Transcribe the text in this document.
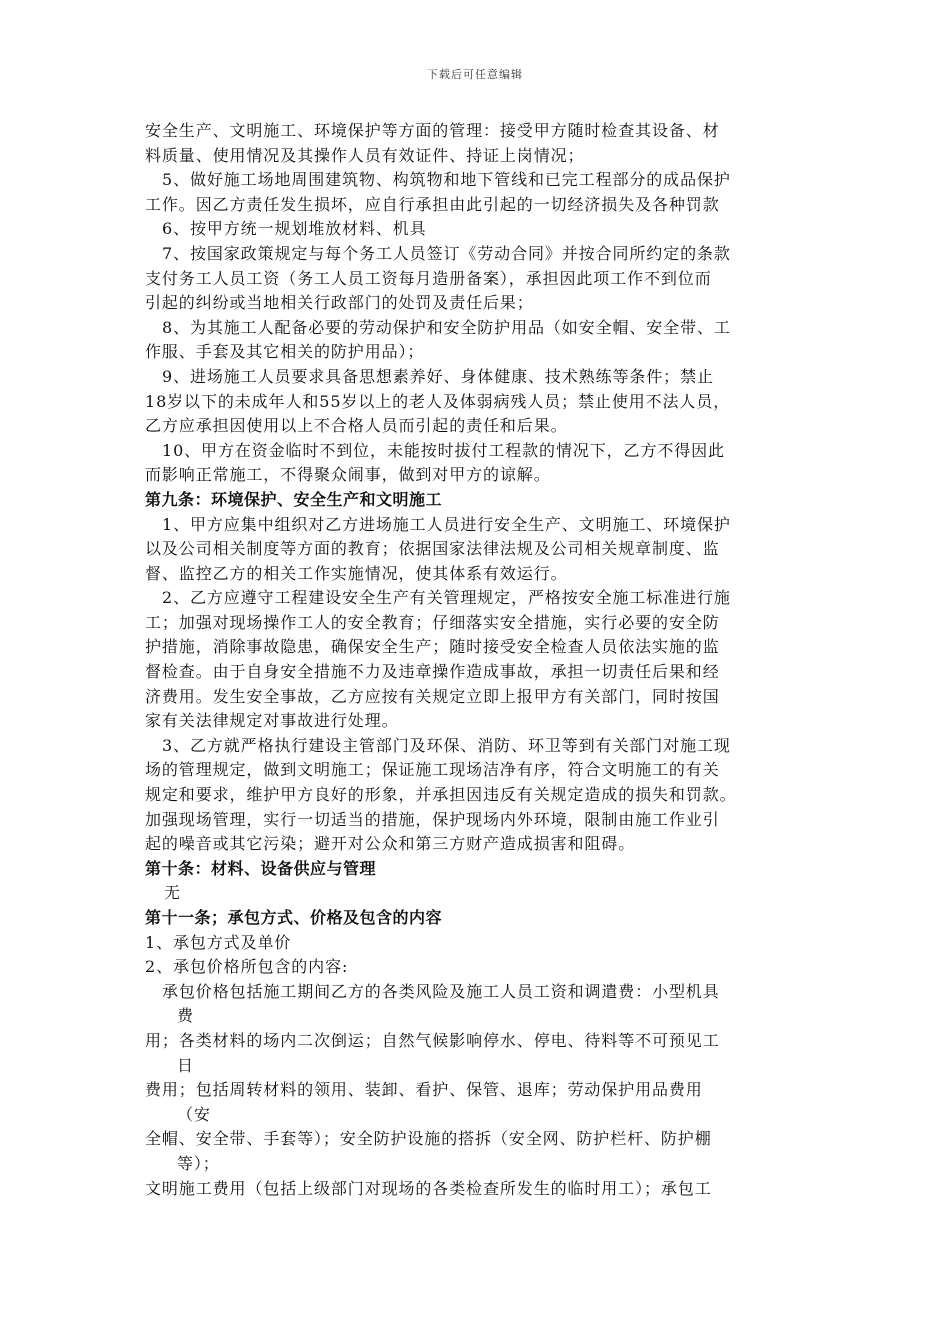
下载后可任意编辑
安全生产、文明施工、环境保护等方面的管理：接受甲方随时检查其设备、材
料质量、使用情况及其操作人员有效证件、持证上岗情况；
5、做好施工场地周围建筑物、构筑物和地下管线和已完工程部分的成品保护
工作。因乙方责任发生损坏，应自行承担由此引起的一切经济损失及各种罚款
6、按甲方统一规划堆放材料、机具
7、按国家政策规定与每个务工人员签订《劳动合同》并按合同所约定的条款
支付务工人员工资（务工人员工资每月造册备案），承担因此项工作不到位而
引起的纠纷或当地相关行政部门的处罚及责任后果；
8、为其施工人配备必要的劳动保护和安全防护用品（如安全帽、安全带、工
作服、手套及其它相关的防护用品）；
9、进场施工人员要求具备思想素养好、身体健康、技术熟练等条件；禁止
18岁以下的未成年人和55岁以上的老人及体弱病残人员；禁止使用不法人员，
乙方应承担因使用以上不合格人员而引起的责任和后果。
10、甲方在资金临时不到位，未能按时拔付工程款的情况下，乙方不得因此
而影响正常施工，不得聚众闹事，做到对甲方的谅解。
第九条：环境保护、安全生产和文明施工
1、甲方应集中组织对乙方进场施工人员进行安全生产、文明施工、环境保护
以及公司相关制度等方面的教育；依据国家法律法规及公司相关规章制度、监
督、监控乙方的相关工作实施情况，使其体系有效运行。
2、乙方应遵守工程建设安全生产有关管理规定，严格按安全施工标准进行施
工；加强对现场操作工人的安全教育；仔细落实安全措施，实行必要的安全防
护措施，消除事故隐患，确保安全生产；随时接受安全检查人员依法实施的监
督检查。由于自身安全措施不力及违章操作造成事故，承担一切责任后果和经
济费用。发生安全事故，乙方应按有关规定立即上报甲方有关部门，同时按国
家有关法律规定对事故进行处理。
3、乙方就严格执行建设主管部门及环保、消防、环卫等到有关部门对施工现
场的管理规定，做到文明施工；保证施工现场洁净有序，符合文明施工的有关
规定和要求，维护甲方良好的形象，并承担因违反有关规定造成的损失和罚款。
加强现场管理，实行一切适当的措施，保护现场内外环境，限制由施工作业引
起的噪音或其它污染；避开对公众和第三方财产造成损害和阻碍。
第十条：材料、设备供应与管理
无
第十一条；承包方式、价格及包含的内容
1、承包方式及单价
2、承包价格所包含的内容:
承包价格包括施工期间乙方的各类风险及施工人员工资和调遣费：小型机具
费
用；各类材料的场内二次倒运；自然气候影响停水、停电、待料等不可预见工
日
费用；包括周转材料的领用、装卸、看护、保管、退库；劳动保护用品费用
（安
全帽、安全带、手套等）；安全防护设施的搭拆（安全网、防护栏杆、防护棚
等）；
文明施工费用（包括上级部门对现场的各类检查所发生的临时用工）；承包工
